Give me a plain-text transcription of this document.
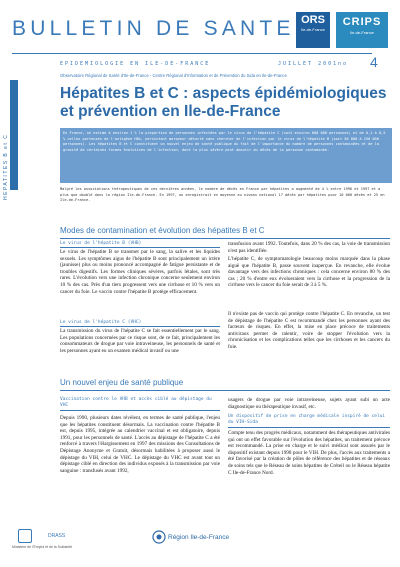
BULLETIN DE SANTE ORS
Ile-de-France
CRIPS
Ile-de-France
EPIDEMIOLOGIE EN ILE-DE-FRANCE	JUILLET 2001 no 4
Observatoire Régional de Santé d'Ile-de-France - Centre Régional d'Information et de Prévention du Sida en Ile-de-France
HEPATITES B et C
Hépatites B et C : aspects épidémiologiques et prévention en Ile-de-France
En France, on estime à environ 1 % la proportion de personnes infectées par le virus de l'hépatite C (soit environ 600 000 personnes) et de 0,1 à 0,5 % celles porteuses de l'antigène HBs, persistant marqueur détecté sans chercher de l'infection par le virus de l'hépatite B (soit 50 000 à 250 000 personnes). Les hépatites B et C constituent un nouvel enjeu de santé publique du fait de l'importance du nombre de personnes contaminées et de la gravité de certaines formes évolutives de l'infection, dont la plus sévère peut aboutir au décès de la personne contaminée.
Malgré les associations thérapeutiques de ces dernières années, le nombre de décès en France par hépatites a augmenté de 4 % entre 1996 et 1997 et a plus que doublé dans la région Ile-de-France. En 1997, on enregistrait en moyenne au niveau national 17 décès par hépatites pour 10 000 décès et 25 en Ile-de-France.
Modes de contamination et évolution des hépatites B et C
Le virus de l'hépatite B (VHB)
Le virus de l'hépatite B se transmet par le sang, la salive et les liquides sexuels. Les symptômes aigus de l'hépatite B sont principalement un ictère (jaunisse) plus ou moins prononcé accompagné de fatigue persistante et de troubles digestifs. Les formes cliniques sévères, parfois létales, sont très rares. L'évolution vers une infection chronique concerne seulement environ 10 % des cas. Près d'un tiers progressent vers une cirrhose et 10 % vers un cancer du foie. Le vaccin contre l'hépatite B protège efficacement.
Le virus de l'hépatite C (VHC)
La transmission du virus de l'hépatite C se fait essentiellement par le sang. Les populations concernées par ce risque sont, de ce fait, principalement les consommateurs de drogue par voie intraveineuse, les personnels de santé et les personnes ayant eu un examen médical invasif ou une
transfusion avant 1992. Toutefois, dans 20 % des cas, la voie de transmission n'est pas identifiée.
L'hépatite C, de symptomatologie beaucoup moins marquée dans la phase aiguë que l'hépatite B, passe souvent inaperçue. En revanche, elle évolue davantage vers des infections chroniques : cela concerne environ 80 % des cas ; 20 % d'entre eux évolueraient vers la cirrhose et la progression de la cirrhose vers le cancer du foie serait de 3 à 5 %.
Il n'existe pas de vaccin qui protège contre l'hépatite C. En revanche, un test de dépistage de l'hépatite C est recommandé chez les personnes ayant des facteurs de risques. En effet, la mise en place précoce de traitements antiviraux permet de ralentir, voire de stopper l'évolution vers la chronicisation et les complications telles que les cirrhoses et les cancers du foie.
Un nouvel enjeu de santé publique
Vaccination contre le VHB et accès ciblé au dépistage du VHC
Depuis 1990, plusieurs dates révèlent, en termes de santé publique, l'enjeu que les hépatites constituent désormais. La vaccination contre l'hépatite B est, depuis 1995, intégrée au calendrier vaccinal et est obligatoire, depuis 1991, pour les personnels de santé. L'accès au dépistage de l'hépatite C a été renforcé à travers l'élargissement en 1997 des missions des Consultations de Dépistage Anonyme et Gratuit, désormais habilitées à proposer aussi le dépistage du VIH, celui de VHC. Le dépistage du VHC est avant tout un dépistage ciblé en direction des individus exposés à la transmission par voie sanguine : transfusés avant 1992,
usagers de drogue par voie intraveineuse, sujets ayant subi un acte diagnostique ou thérapeutique invasif, etc.
Un dispositif de prise en charge médicale inspiré de celui du VIH-Sida
Compte tenu des progrès médicaux, notamment des thérapeutiques antivirales qui ont un effet favorable sur l'évolution des hépatites, un traitement précoce est recommandé. La prise en charge et le suivi médical sont assurés par le dispositif existant depuis 1998 pour le VIH. De plus, l'accès aux traitements a été favorisé par la création de pôles de référence des hépatites et de réseaux de soins tels que le Réseau de soins hépatites de Créteil ou le Réseau hépatite C Ile-de-France Nord.
Ministère de l'Emploi et de la Solidarité
DRASS	Région Ile-de-France
